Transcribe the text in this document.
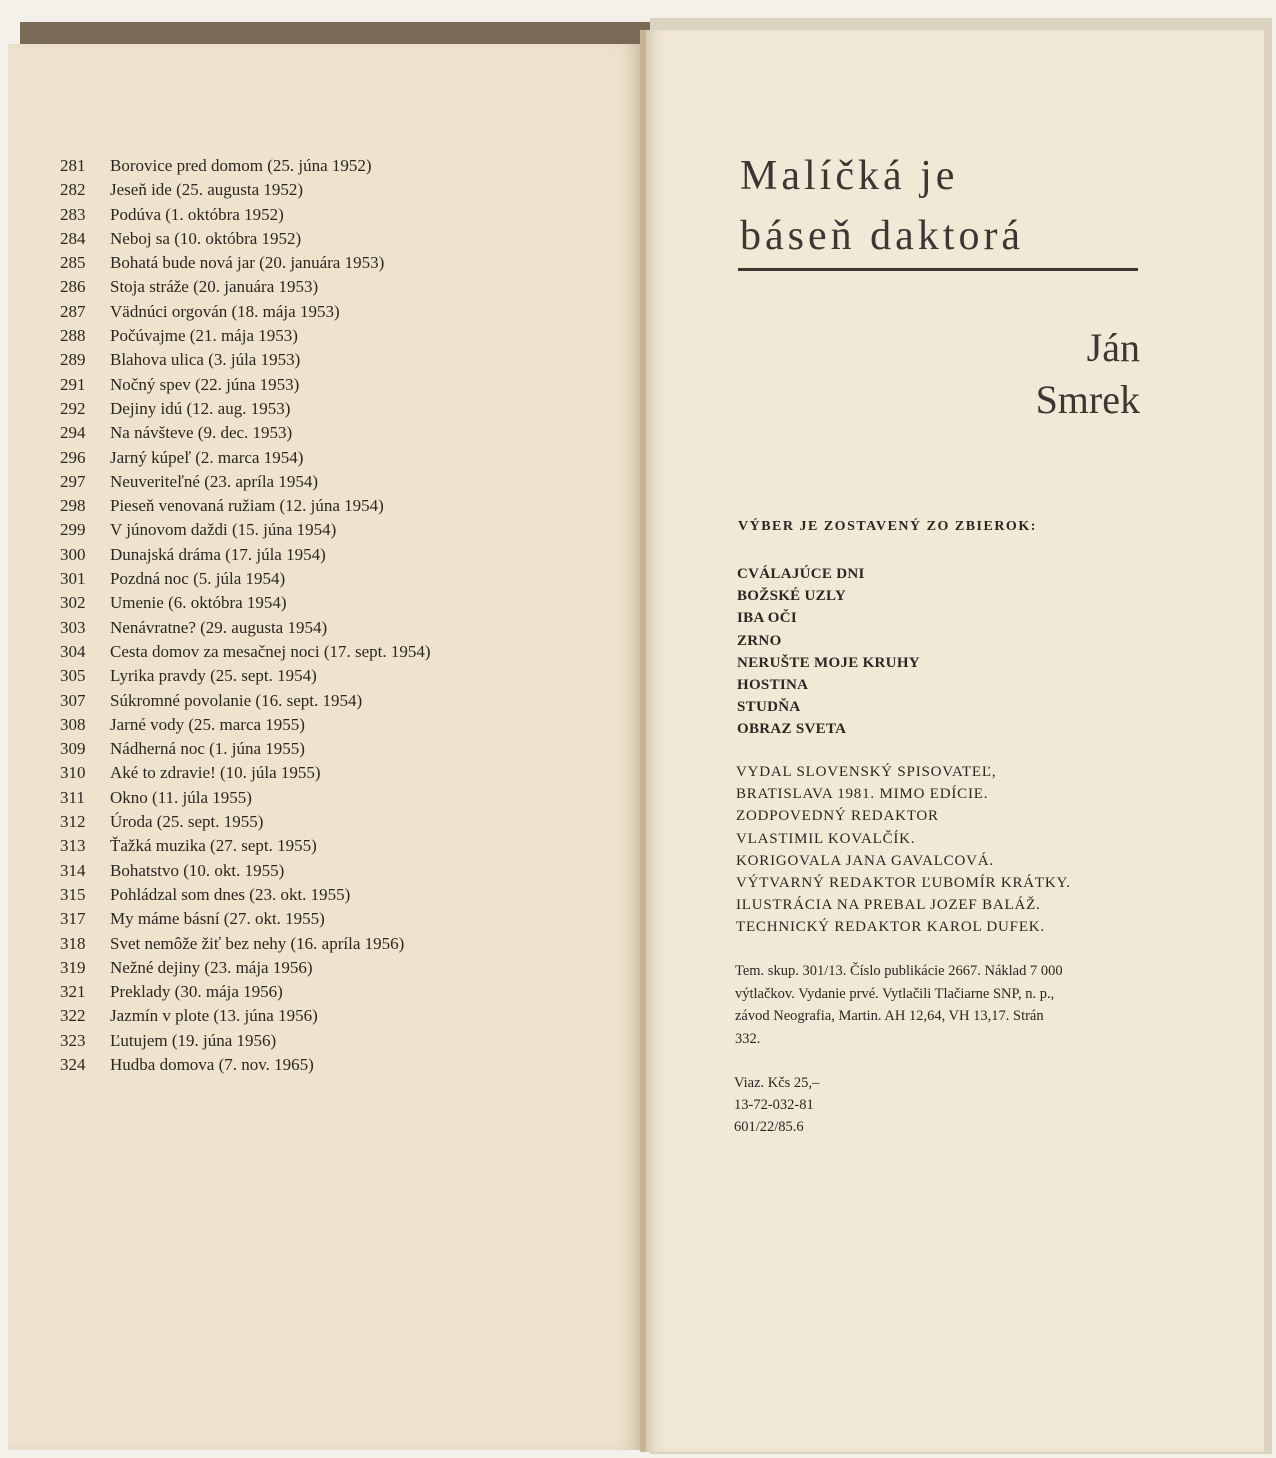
281	Borovice pred domom (25. júna 1952)
282	Jeseň ide (25. augusta 1952)
283	Podúva (1. októbra 1952)
284	Neboj sa (10. októbra 1952)
285	Bohatá bude nová jar (20. januára 1953)
286	Stoja stráže (20. januára 1953)
287	Vädnúci orgován (18. mája 1953)
288	Počúvajme (21. mája 1953)
289	Blahova ulica (3. júla 1953)
291	Nočný spev (22. júna 1953)
292	Dejiny idú (12. aug. 1953)
294	Na návšteve (9. dec. 1953)
296	Jarný kúpeľ (2. marca 1954)
297	Neuveriteľné (23. apríla 1954)
298	Pieseň venovaná ružiam (12. júna 1954)
299	V júnovom daždi (15. júna 1954)
300	Dunajská dráma (17. júla 1954)
301	Pozdná noc (5. júla 1954)
302	Umenie (6. októbra 1954)
303	Nenávratne? (29. augusta 1954)
304	Cesta domov za mesačnej noci (17. sept. 1954)
305	Lyrika pravdy (25. sept. 1954)
307	Súkromné povolanie (16. sept. 1954)
308	Jarné vody (25. marca 1955)
309	Nádherná noc (1. júna 1955)
310	Aké to zdravie! (10. júla 1955)
311	Okno (11. júla 1955)
312	Úroda (25. sept. 1955)
313	Ťažká muzika (27. sept. 1955)
314	Bohatstvo (10. okt. 1955)
315	Pohládzal som dnes (23. okt. 1955)
317	My máme básní (27. okt. 1955)
318	Svet nemôže žiť bez nehy (16. apríla 1956)
319	Nežné dejiny (23. mája 1956)
321	Preklady (30. mája 1956)
322	Jazmín v plote (13. júna 1956)
323	Ľutujem (19. júna 1956)
324	Hudba domova (7. nov. 1965)
Malíčká je
báseň daktorá
Ján
Smrek
VÝBER JE ZOSTAVENÝ ZO ZBIEROK:
CVÁLAJÚCE DNI
BOŽSKÉ UZLY
IBA OČI
ZRNO
NERUŠTE MOJE KRUHY
HOSTINA
STUDŇA
OBRAZ SVETA
VYDAL SLOVENSKÝ SPISOVATEĽ,
BRATISLAVA 1981. MIMO EDÍCIE.
ZODPOVEDNÝ REDAKTOR
VLASTIMIL KOVALČÍK.
KORIGOVALA JANA GAVALCOVÁ.
VÝTVARNÝ REDAKTOR ĽUBOMÍR KRÁTKY.
ILUSTRÁCIA NA PREBAL JOZEF BALÁŽ.
TECHNICKÝ REDAKTOR KAROL DUFEK.
Tem. skup. 301/13. Číslo publikácie 2667. Náklad 7 000
výtlačkov. Vydanie prvé. Vytlačili Tlačiarne SNP, n. p.,
závod Neografia, Martin. AH 12,64, VH 13,17. Strán
332.
Viaz. Kčs 25,–
13-72-032-81
601/22/85.6
